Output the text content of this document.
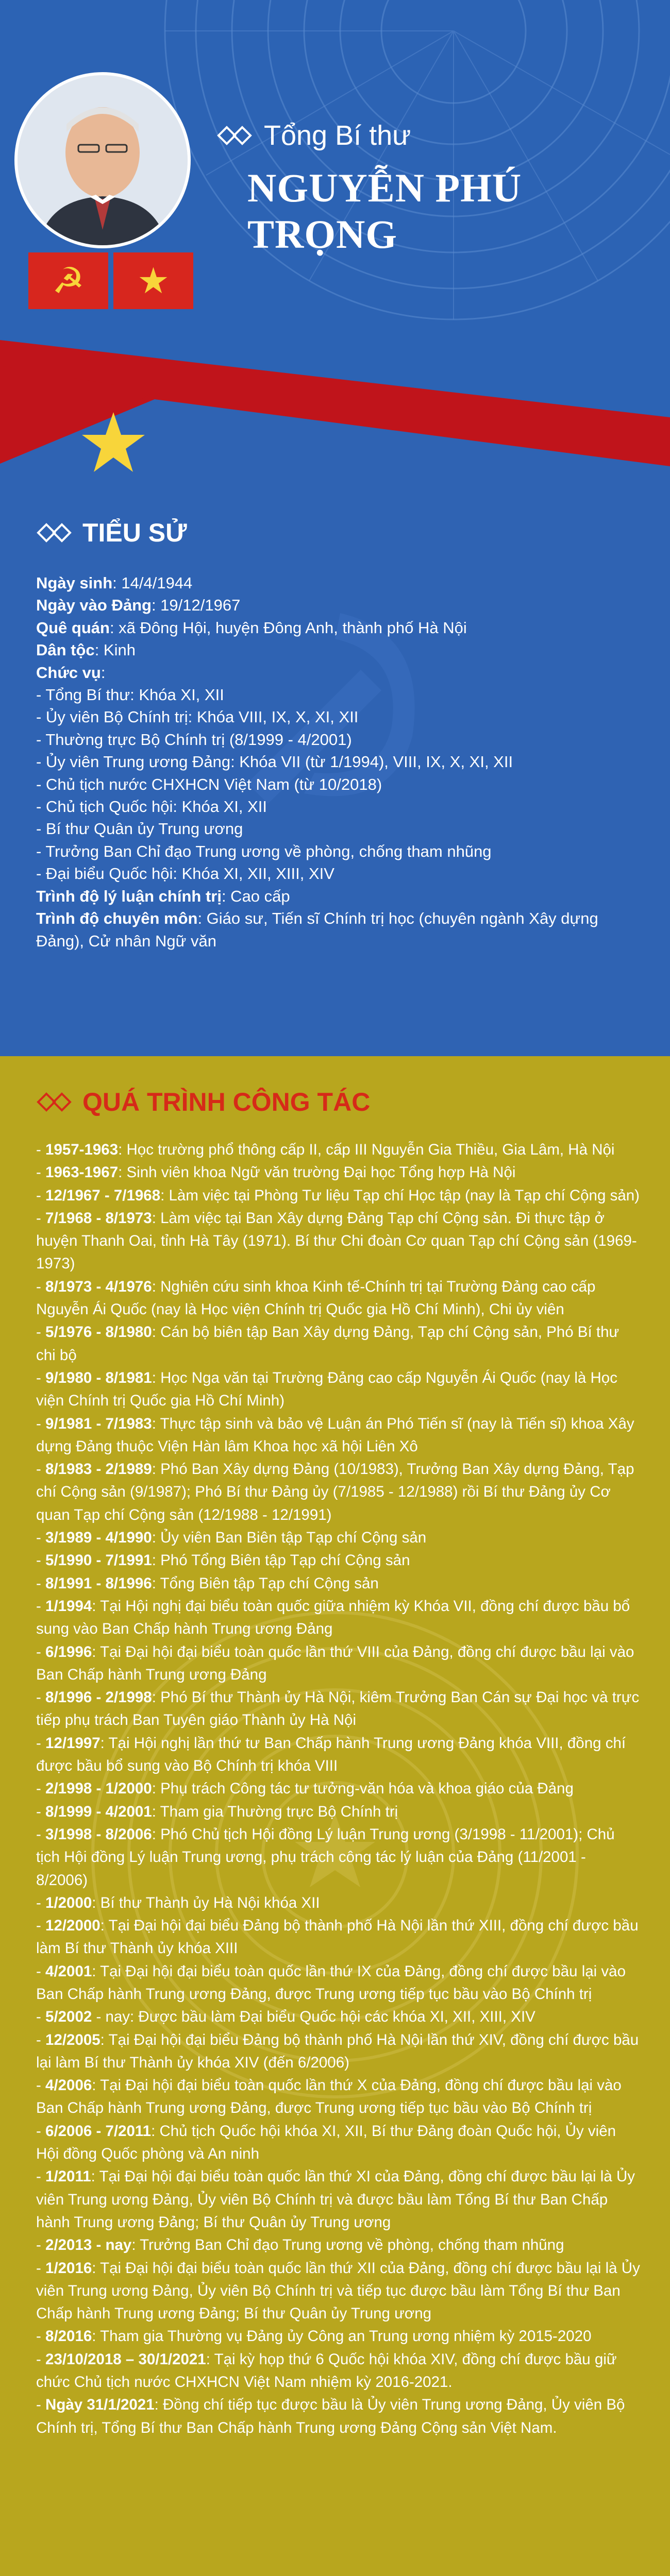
☭	★
Tổng Bí thư
NGUYỄN PHÚ TRỌNG
TIỂU SỬ
Ngày sinh: 14/4/1944
Ngày vào Đảng: 19/12/1967
Quê quán: xã Đông Hội, huyện Đông Anh, thành phố Hà Nội
Dân tộc: Kinh
Chức vụ:
- Tổng Bí thư: Khóa XI, XII
- Ủy viên Bộ Chính trị: Khóa VIII, IX, X, XI, XII
- Thường trực Bộ Chính trị (8/1999 - 4/2001)
- Ủy viên Trung ương Đảng: Khóa VII (từ 1/1994), VIII, IX, X, XI, XII
- Chủ tịch nước CHXHCN Việt Nam (từ 10/2018)
- Chủ tịch Quốc hội: Khóa XI, XII
- Bí thư Quân ủy Trung ương
- Trưởng Ban Chỉ đạo Trung ương về phòng, chống tham nhũng
- Đại biểu Quốc hội: Khóa XI, XII, XIII, XIV
Trình độ lý luận chính trị: Cao cấp
Trình độ chuyên môn: Giáo sư, Tiến sĩ Chính trị học (chuyên ngành Xây dựng Đảng), Cử nhân Ngữ văn
QUÁ TRÌNH CÔNG TÁC
- 1957-1963: Học trường phổ thông cấp II, cấp III Nguyễn Gia Thiều, Gia Lâm, Hà Nội
- 1963-1967: Sinh viên khoa Ngữ văn trường Đại học Tổng hợp Hà Nội
- 12/1967 - 7/1968: Làm việc tại Phòng Tư liệu Tạp chí Học tập (nay là Tạp chí Cộng sản)
- 7/1968 - 8/1973: Làm việc tại Ban Xây dựng Đảng Tạp chí Cộng sản. Đi thực tập ở huyện Thanh Oai, tỉnh Hà Tây (1971). Bí thư Chi đoàn Cơ quan Tạp chí Cộng sản (1969-1973)
- 8/1973 - 4/1976: Nghiên cứu sinh khoa Kinh tế-Chính trị tại Trường Đảng cao cấp Nguyễn Ái Quốc (nay là Học viện Chính trị Quốc gia Hồ Chí Minh), Chi ủy viên
- 5/1976 - 8/1980: Cán bộ biên tập Ban Xây dựng Đảng, Tạp chí Cộng sản, Phó Bí thư chi bộ
- 9/1980 - 8/1981: Học Nga văn tại Trường Đảng cao cấp Nguyễn Ái Quốc (nay là Học viện Chính trị Quốc gia Hồ Chí Minh)
- 9/1981 - 7/1983: Thực tập sinh và bảo vệ Luận án Phó Tiến sĩ (nay là Tiến sĩ) khoa Xây dựng Đảng thuộc Viện Hàn lâm Khoa học xã hội Liên Xô
- 8/1983 - 2/1989: Phó Ban Xây dựng Đảng (10/1983), Trưởng Ban Xây dựng Đảng, Tạp chí Cộng sản (9/1987); Phó Bí thư Đảng ủy (7/1985 - 12/1988) rồi Bí thư Đảng ủy Cơ quan Tạp chí Cộng sản (12/1988 - 12/1991)
- 3/1989 - 4/1990: Ủy viên Ban Biên tập Tạp chí Cộng sản
- 5/1990 - 7/1991: Phó Tổng Biên tập Tạp chí Cộng sản
- 8/1991 - 8/1996: Tổng Biên tập Tạp chí Cộng sản
- 1/1994: Tại Hội nghị đại biểu toàn quốc giữa nhiệm kỳ Khóa VII, đồng chí được bầu bổ sung vào Ban Chấp hành Trung ương Đảng
- 6/1996: Tại Đại hội đại biểu toàn quốc lần thứ VIII của Đảng, đồng chí được bầu lại vào Ban Chấp hành Trung ương Đảng
- 8/1996 - 2/1998: Phó Bí thư Thành ủy Hà Nội, kiêm Trưởng Ban Cán sự Đại học và trực tiếp phụ trách Ban Tuyên giáo Thành ủy Hà Nội
- 12/1997: Tại Hội nghị lần thứ tư Ban Chấp hành Trung ương Đảng khóa VIII, đồng chí được bầu bổ sung vào Bộ Chính trị khóa VIII
- 2/1998 - 1/2000: Phụ trách Công tác tư tưởng-văn hóa và khoa giáo của Đảng
- 8/1999 - 4/2001: Tham gia Thường trực Bộ Chính trị
- 3/1998 - 8/2006: Phó Chủ tịch Hội đồng Lý luận Trung ương (3/1998 - 11/2001); Chủ tịch Hội đồng Lý luận Trung ương, phụ trách công tác lý luận của Đảng (11/2001 - 8/2006)
- 1/2000: Bí thư Thành ủy Hà Nội khóa XII
- 12/2000: Tại Đại hội đại biểu Đảng bộ thành phố Hà Nội lần thứ XIII, đồng chí được bầu làm Bí thư Thành ủy khóa XIII
- 4/2001: Tại Đại hội đại biểu toàn quốc lần thứ IX của Đảng, đồng chí được bầu lại vào Ban Chấp hành Trung ương Đảng, được Trung ương tiếp tục bầu vào Bộ Chính trị
- 5/2002 - nay: Được bầu làm Đại biểu Quốc hội các khóa XI, XII, XIII, XIV
- 12/2005: Tại Đại hội đại biểu Đảng bộ thành phố Hà Nội lần thứ XIV, đồng chí được bầu lại làm Bí thư Thành ủy khóa XIV (đến 6/2006)
- 4/2006: Tại Đại hội đại biểu toàn quốc lần thứ X của Đảng, đồng chí được bầu lại vào Ban Chấp hành Trung ương Đảng, được Trung ương tiếp tục bầu vào Bộ Chính trị
- 6/2006 - 7/2011: Chủ tịch Quốc hội khóa XI, XII, Bí thư Đảng đoàn Quốc hội, Ủy viên Hội đồng Quốc phòng và An ninh
- 1/2011: Tại Đại hội đại biểu toàn quốc lần thứ XI của Đảng, đồng chí được bầu lại là Ủy viên Trung ương Đảng, Ủy viên Bộ Chính trị và được bầu làm Tổng Bí thư Ban Chấp hành Trung ương Đảng; Bí thư Quân ủy Trung ương
- 2/2013 - nay: Trưởng Ban Chỉ đạo Trung ương về phòng, chống tham nhũng
- 1/2016: Tại Đại hội đại biểu toàn quốc lần thứ XII của Đảng, đồng chí được bầu lại là Ủy viên Trung ương Đảng, Ủy viên Bộ Chính trị và tiếp tục được bầu làm Tổng Bí thư Ban Chấp hành Trung ương Đảng; Bí thư Quân ủy Trung ương
- 8/2016: Tham gia Thường vụ Đảng ủy Công an Trung ương nhiệm kỳ 2015-2020
- 23/10/2018 – 30/1/2021: Tại kỳ họp thứ 6 Quốc hội khóa XIV, đồng chí được bầu giữ chức Chủ tịch nước CHXHCN Việt Nam nhiệm kỳ 2016-2021.
- Ngày 31/1/2021: Đồng chí tiếp tục được bầu là Ủy viên Trung ương Đảng, Ủy viên Bộ Chính trị, Tổng Bí thư Ban Chấp hành Trung ương Đảng Cộng sản Việt Nam.
